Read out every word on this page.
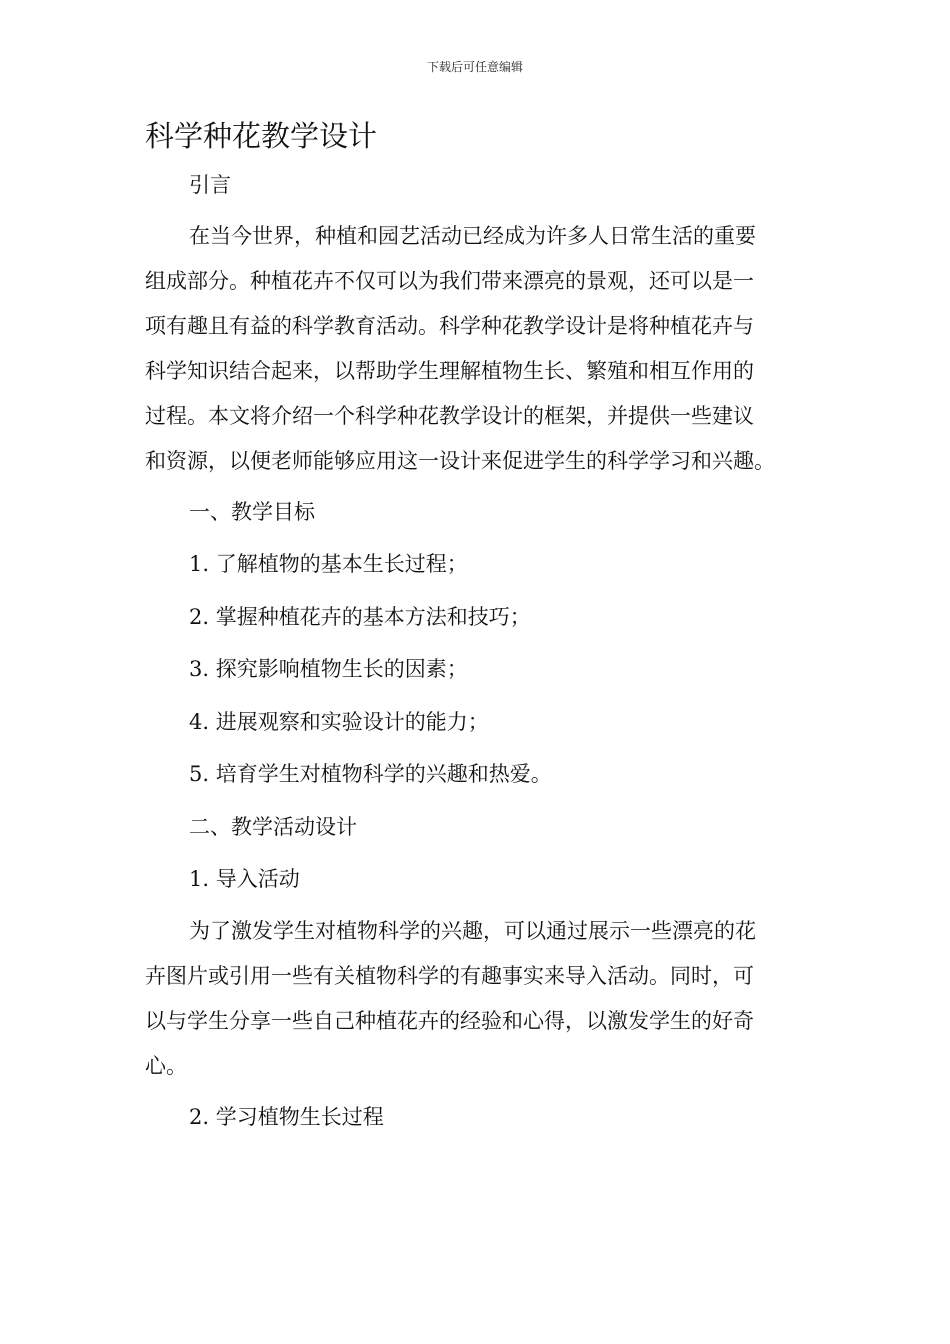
下载后可任意编辑
科学种花教学设计
引言
在当今世界，种植和园艺活动已经成为许多人日常生活的重要
组成部分。种植花卉不仅可以为我们带来漂亮的景观，还可以是一
项有趣且有益的科学教育活动。科学种花教学设计是将种植花卉与
科学知识结合起来，以帮助学生理解植物生长、繁殖和相互作用的
过程。本文将介绍一个科学种花教学设计的框架，并提供一些建议
和资源，以便老师能够应用这一设计来促进学生的科学学习和兴趣。
一、教学目标
1. 了解植物的基本生长过程；
2. 掌握种植花卉的基本方法和技巧；
3. 探究影响植物生长的因素；
4. 进展观察和实验设计的能力；
5. 培育学生对植物科学的兴趣和热爱。
二、教学活动设计
1. 导入活动
为了激发学生对植物科学的兴趣，可以通过展示一些漂亮的花
卉图片或引用一些有关植物科学的有趣事实来导入活动。同时，可
以与学生分享一些自己种植花卉的经验和心得，以激发学生的好奇
心。
2. 学习植物生长过程
